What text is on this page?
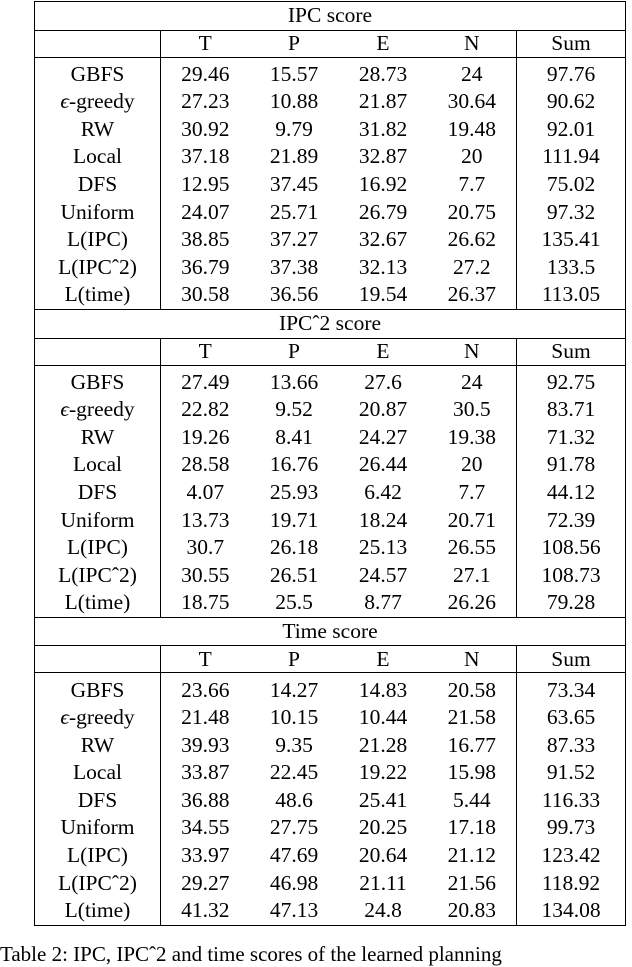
IPC score					
	T	P	E	N	Sum

GBFS	29.46	15.57	28.73	24	97.76
ϵ-greedy	27.23	10.88	21.87	30.64	90.62
RW	30.92	9.79	31.82	19.48	92.01
Local	37.18	21.89	32.87	20	111.94
DFS	12.95	37.45	16.92	7.7	75.02
Uniform	24.07	25.71	26.79	20.75	97.32
L(IPC)	38.85	37.27	32.67	26.62	135.41
L(IPCˆ2)	36.79	37.38	32.13	27.2	133.5
L(time)	30.58	36.56	19.54	26.37	113.05
IPCˆ2 score					
	T	P	E	N	Sum

GBFS	27.49	13.66	27.6	24	92.75
ϵ-greedy	22.82	9.52	20.87	30.5	83.71
RW	19.26	8.41	24.27	19.38	71.32
Local	28.58	16.76	26.44	20	91.78
DFS	4.07	25.93	6.42	7.7	44.12
Uniform	13.73	19.71	18.24	20.71	72.39
L(IPC)	30.7	26.18	25.13	26.55	108.56
L(IPCˆ2)	30.55	26.51	24.57	27.1	108.73
L(time)	18.75	25.5	8.77	26.26	79.28
Time score					
	T	P	E	N	Sum

GBFS	23.66	14.27	14.83	20.58	73.34
ϵ-greedy	21.48	10.15	10.44	21.58	63.65
RW	39.93	9.35	21.28	16.77	87.33
Local	33.87	22.45	19.22	15.98	91.52
DFS	36.88	48.6	25.41	5.44	116.33
Uniform	34.55	27.75	20.25	17.18	99.73
L(IPC)	33.97	47.69	20.64	21.12	123.42
L(IPCˆ2)	29.27	46.98	21.11	21.56	118.92
L(time)	41.32	47.13	24.8	20.83	134.08
Table 2: IPC, IPCˆ2 and time scores of the learned planning
